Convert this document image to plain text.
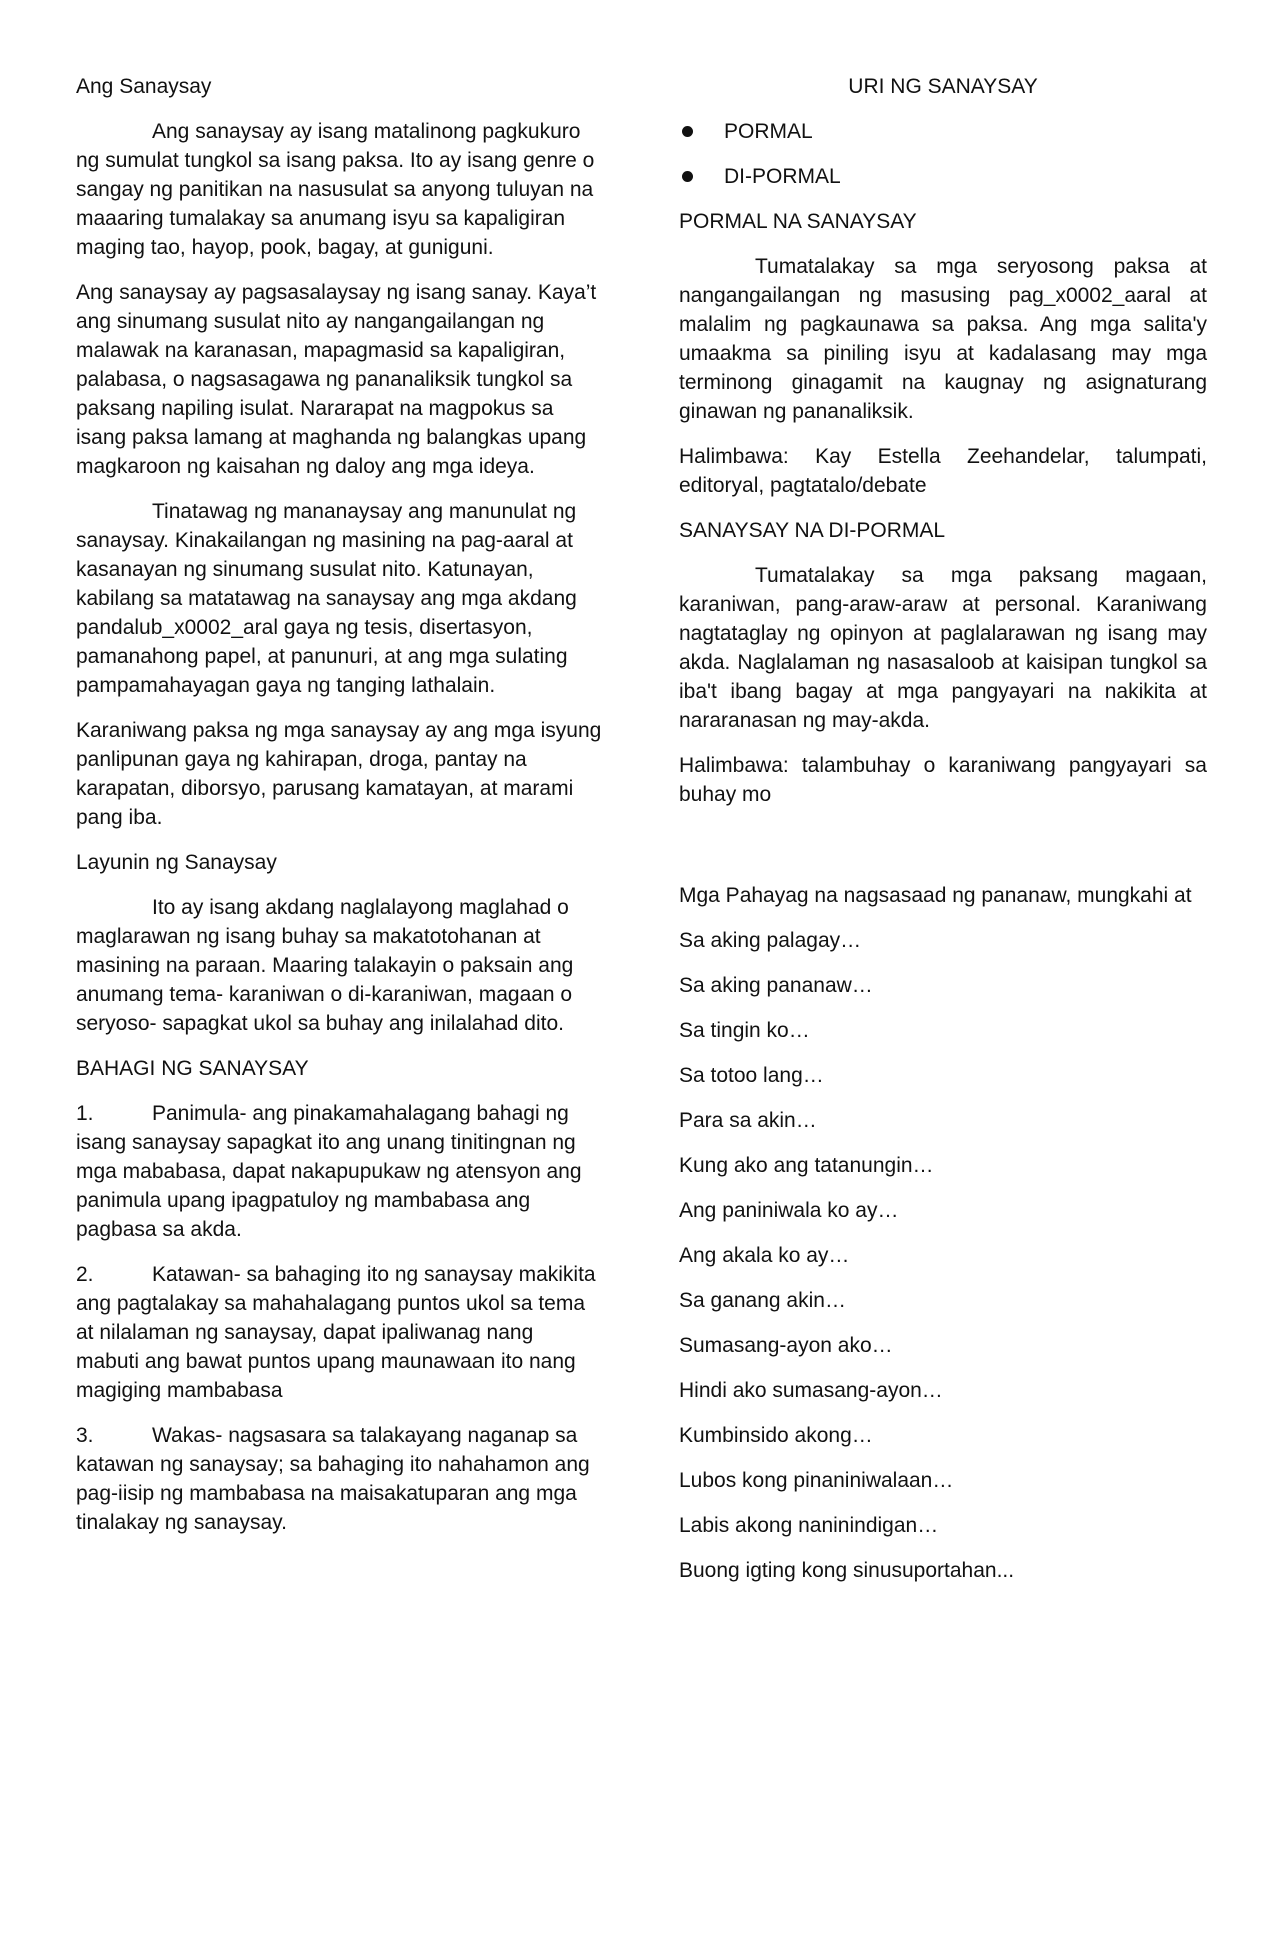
Ang Sanaysay

Ang sanaysay ay isang matalinong pagkukuro ng sumulat tungkol sa isang paksa. Ito ay isang genre o sangay ng panitikan na nasusulat sa anyong tuluyan na maaaring tumalakay sa anumang isyu sa kapaligiran maging tao, hayop, pook, bagay, at guniguni.

Ang sanaysay ay pagsasalaysay ng isang sanay. Kaya’t ang sinumang susulat nito ay nangangailangan ng malawak na karanasan, mapagmasid sa kapaligiran, palabasa, o nagsasagawa ng pananaliksik tungkol sa paksang napiling isulat. Nararapat na magpokus sa isang paksa lamang at maghanda ng balangkas upang magkaroon ng kaisahan ng daloy ang mga ideya.

Tinatawag ng mananaysay ang manunulat ng sanaysay. Kinakailangan ng masining na pag-aaral at kasanayan ng sinumang susulat nito. Katunayan, kabilang sa matatawag na sanaysay ang mga akdang pandalub_x0002_aral gaya ng tesis, disertasyon, pamanahong papel, at panunuri, at ang mga sulating pampamahayagan gaya ng tanging lathalain.

Karaniwang paksa ng mga sanaysay ay ang mga isyung panlipunan gaya ng kahirapan, droga, pantay na karapatan, diborsyo, parusang kamatayan, at marami pang iba.

Layunin ng Sanaysay

Ito ay isang akdang naglalayong maglahad o maglarawan ng isang buhay sa makatotohanan at masining na paraan. Maaring talakayin o paksain ang anumang tema- karaniwan o di-karaniwan, magaan o seryoso- sapagkat ukol sa buhay ang inilalahad dito.

BAHAGI NG SANAYSAY

1.	Panimula- ang pinakamahalagang bahagi ng isang sanaysay sapagkat ito ang unang tinitingnan ng mga mababasa, dapat nakapupukaw ng atensyon ang panimula upang ipagpatuloy ng mambabasa ang pagbasa sa akda.

2.	Katawan- sa bahaging ito ng sanaysay makikita ang pagtalakay sa mahahalagang puntos ukol sa tema at nilalaman ng sanaysay, dapat ipaliwanag nang mabuti ang bawat puntos upang maunawaan ito nang magiging mambabasa

3.	Wakas- nagsasara sa talakayang naganap sa katawan ng sanaysay; sa bahaging ito nahahamon ang pag-iisip ng mambabasa na maisakatuparan ang mga tinalakay ng sanaysay.

URI NG SANAYSAY

PORMAL
DI-PORMAL

PORMAL NA SANAYSAY

Tumatalakay sa mga seryosong paksa at nangangailangan ng masusing pag_x0002_aaral at malalim ng pagkaunawa sa paksa. Ang mga salita'y umaakma sa piniling isyu at kadalasang may mga terminong ginagamit na kaugnay ng asignaturang ginawan ng pananaliksik.

Halimbawa: Kay Estella Zeehandelar, talumpati, editoryal, pagtatalo/debate

SANAYSAY NA DI-PORMAL

Tumatalakay sa mga paksang magaan, karaniwan, pang-araw-araw at personal. Karaniwang nagtataglay ng opinyon at paglalarawan ng isang may akda. Naglalaman ng nasasaloob at kaisipan tungkol sa iba't ibang bagay at mga pangyayari na nakikita at nararanasan ng may-akda.

Halimbawa: talambuhay o karaniwang pangyayari sa buhay mo

Mga Pahayag na nagsasaad ng pananaw, mungkahi at

Sa aking palagay…

Sa aking pananaw…

Sa tingin ko…

Sa totoo lang…

Para sa akin…

Kung ako ang tatanungin…

Ang paniniwala ko ay…

Ang akala ko ay…

Sa ganang akin…

Sumasang-ayon ako…

Hindi ako sumasang-ayon…

Kumbinsido akong…

Lubos kong pinaniniwalaan…

Labis akong naninindigan…

Buong igting kong sinusuportahan...
